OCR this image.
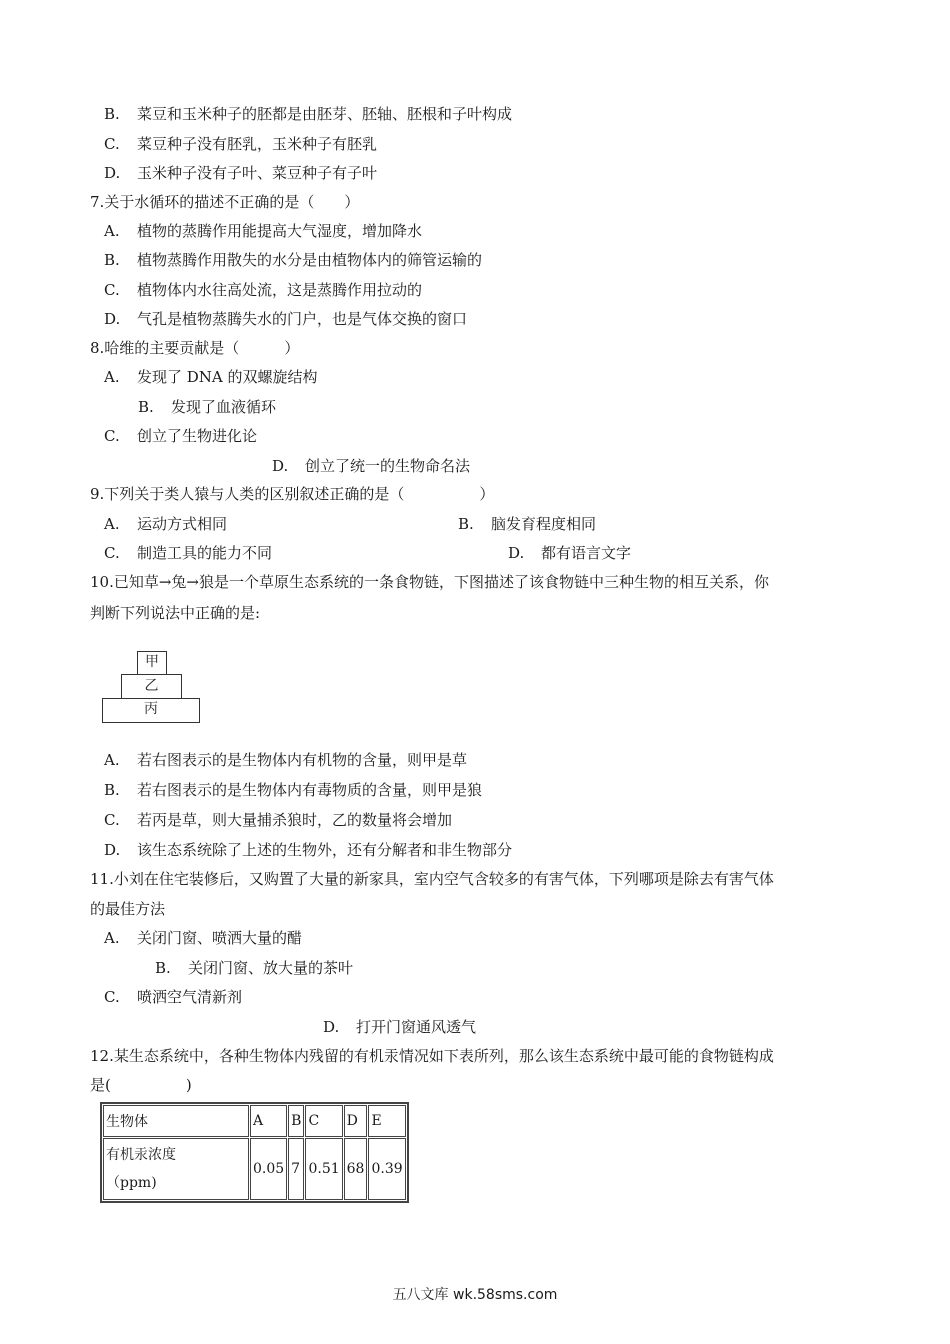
B. 菜豆和玉米种子的胚都是由胚芽、胚轴、胚根和子叶构成
C. 菜豆种子没有胚乳，玉米种子有胚乳
D. 玉米种子没有子叶、菜豆种子有子叶
7.关于水循环的描述不正确的是（　　）
A. 植物的蒸腾作用能提高大气湿度，增加降水
B. 植物蒸腾作用散失的水分是由植物体内的筛管运输的
C. 植物体内水往高处流，这是蒸腾作用拉动的
D. 气孔是植物蒸腾失水的门户，也是气体交换的窗口
8.哈维的主要贡献是（　　　）
A. 发现了 DNA 的双螺旋结构
B. 发现了血液循环
C. 创立了生物进化论
D. 创立了统一的生物命名法
9.下列关于类人猿与人类的区别叙述正确的是（　　　　　）
A. 运动方式相同	B. 脑发育程度相同
C. 制造工具的能力不同	D. 都有语言文字
10.已知草→兔→狼是一个草原生态系统的一条食物链，下图描述了该食物链中三种生物的相互关系，你
判断下列说法中正确的是:
甲
乙
丙
A. 若右图表示的是生物体内有机物的含量，则甲是草
B. 若右图表示的是生物体内有毒物质的含量，则甲是狼
C. 若丙是草，则大量捕杀狼时，乙的数量将会增加
D. 该生态系统除了上述的生物外，还有分解者和非生物部分
11.小刘在住宅装修后，又购置了大量的新家具，室内空气含较多的有害气体，下列哪项是除去有害气体
的最佳方法
A. 关闭门窗、喷洒大量的醋
B. 关闭门窗、放大量的茶叶
C. 喷洒空气清新剂
D. 打开门窗通风透气
12.某生态系统中，各种生物体内残留的有机汞情况如下表所列，那么该生态系统中最可能的食物链构成
是(　　　　　)
生物体	A	B	C	D	E

有机汞浓度
（ppm)	0.05	7	0.51	68	0.39
五八文库 wk.58sms.com
